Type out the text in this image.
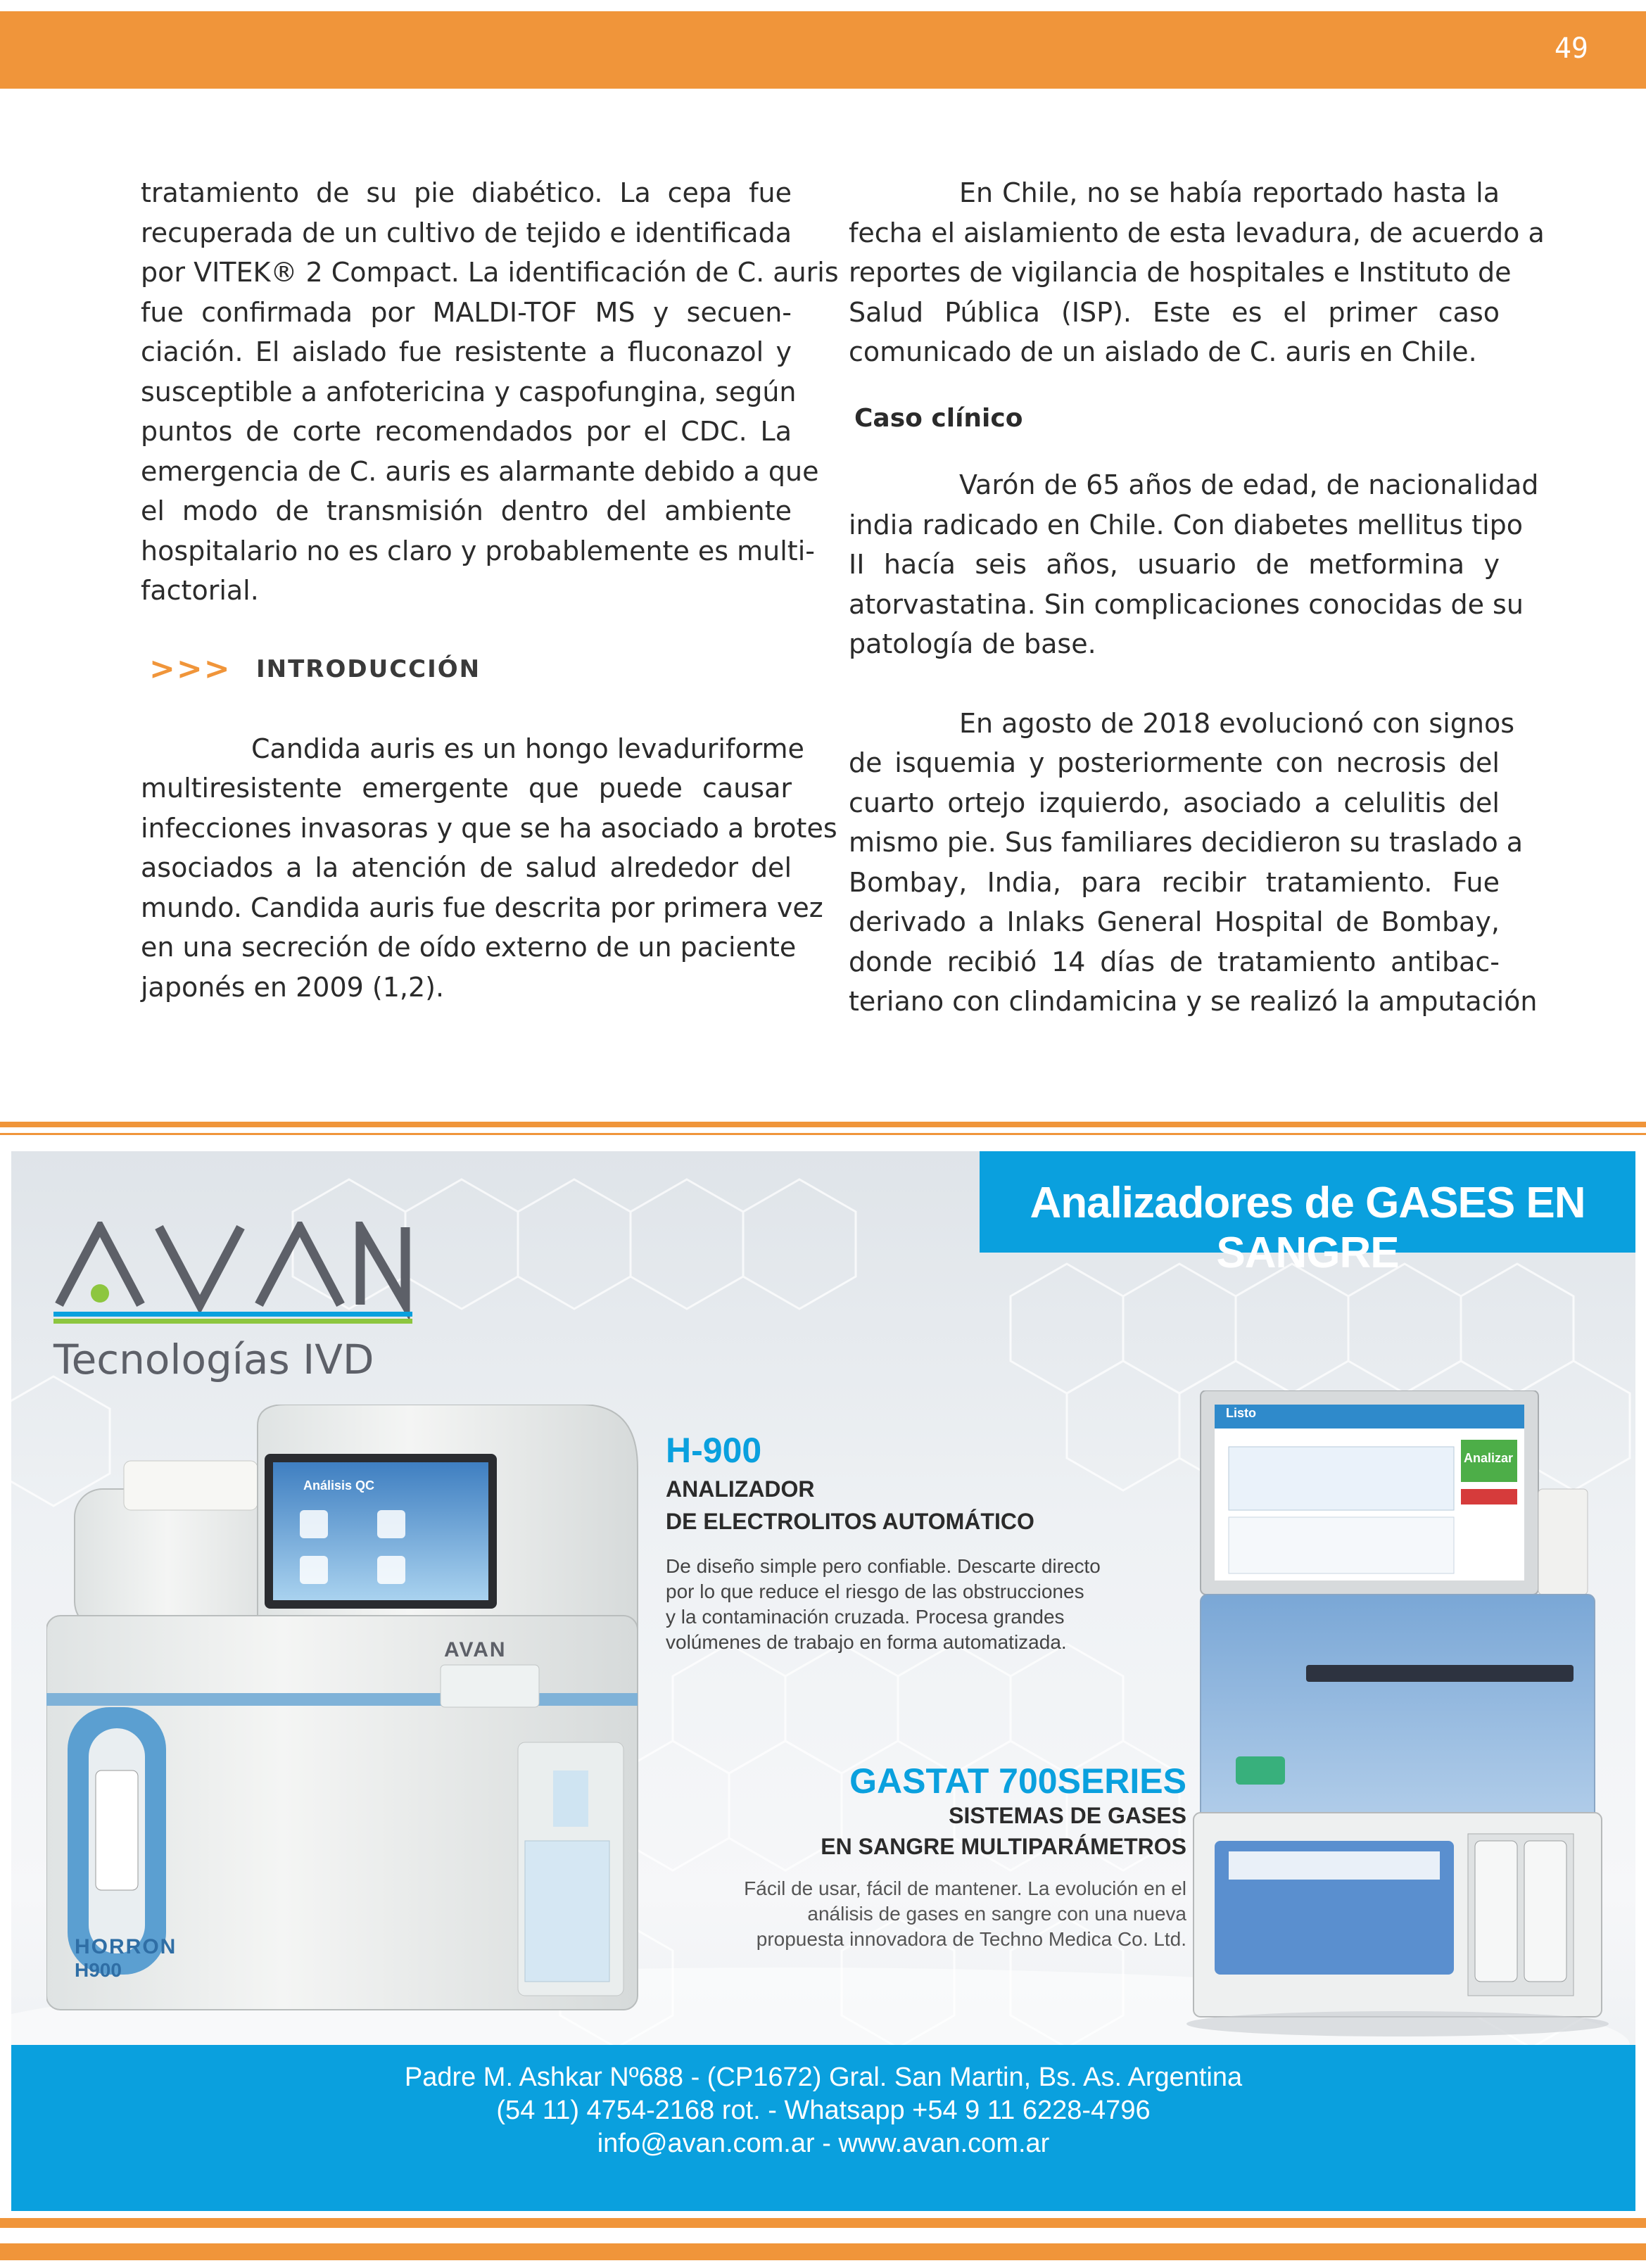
49
tratamiento de su pie diabético. La cepa fue
recuperada de un cultivo de tejido e identificada
por VITEK® 2 Compact. La identificación de C. auris
fue confirmada por MALDI-TOF MS y secuen-
ciación. El aislado fue resistente a fluconazol y
susceptible a anfotericina y caspofungina, según
puntos de corte recomendados por el CDC. La
emergencia de C. auris es alarmante debido a que
el modo de transmisión dentro del ambiente
hospitalario no es claro y probablemente es multi-
factorial.
>>>	INTRODUCCIÓN
Candida auris es un hongo levaduriforme
multiresistente emergente que puede causar
infecciones invasoras y que se ha asociado a brotes
asociados a la atención de salud alrededor del
mundo. Candida auris fue descrita por primera vez
en una secreción de oído externo de un paciente
japonés en 2009 (1,2).
En Chile, no se había reportado hasta la
fecha el aislamiento de esta levadura, de acuerdo a
reportes de vigilancia de hospitales e Instituto de
Salud Pública (ISP). Este es el primer caso
comunicado de un aislado de C. auris en Chile.
Caso clínico
Varón de 65 años de edad, de nacionalidad
india radicado en Chile. Con diabetes mellitus tipo
II hacía seis años, usuario de metformina y
atorvastatina. Sin complicaciones conocidas de su
patología de base.
En agosto de 2018 evolucionó con signos
de isquemia y posteriormente con necrosis del
cuarto ortejo izquierdo, asociado a celulitis del
mismo pie. Sus familiares decidieron su traslado a
Bombay, India, para recibir tratamiento. Fue
derivado a Inlaks General Hospital de Bombay,
donde recibió 14 días de tratamiento antibac-
teriano con clindamicina y se realizó la amputación
Analizadores de GASES EN SANGRE
Tecnologías IVD
Análisis QC
AVAN
HORRON
H900
Listo
Analizar
H-900
ANALIZADOR
DE ELECTROLITOS AUTOMÁTICO
De diseño simple pero confiable. Descarte directo
por lo que reduce el riesgo de las obstrucciones
y la contaminación cruzada. Procesa grandes
volúmenes de trabajo en forma automatizada.
GASTAT 700SERIES
SISTEMAS DE GASES
EN SANGRE MULTIPARÁMETROS
Fácil de usar, fácil de mantener. La evolución en el
análisis de gases en sangre con una nueva
propuesta innovadora de Techno Medica Co. Ltd.
Padre M. Ashkar Nº688 - (CP1672) Gral. San Martin, Bs. As. Argentina
(54 11) 4754-2168 rot. - Whatsapp +54 9 11 6228-4796
info@avan.com.ar - www.avan.com.ar
